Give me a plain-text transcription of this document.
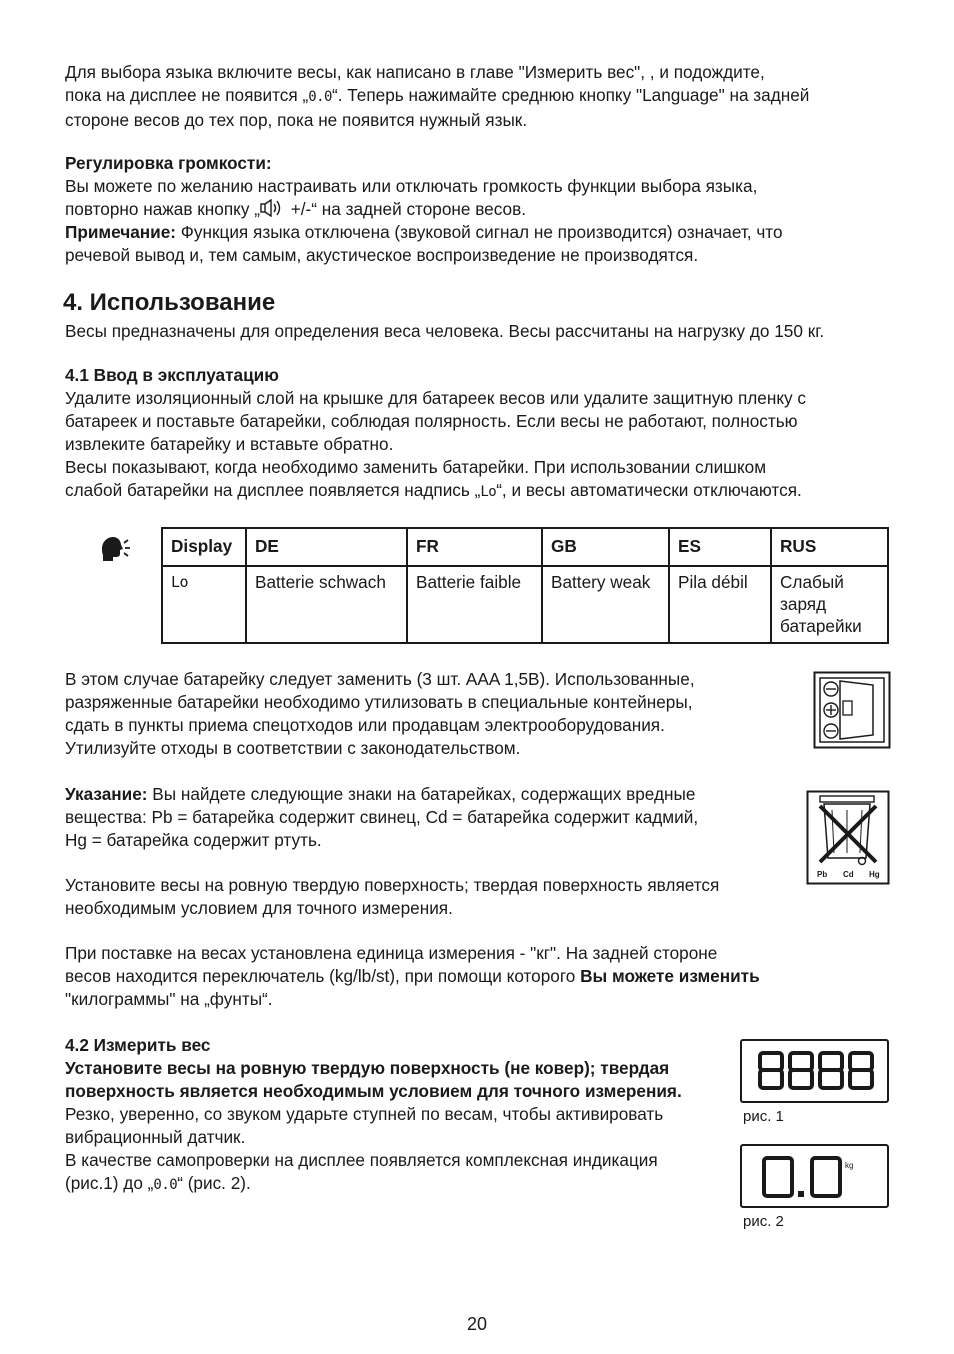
Для выбора языка включите весы, как написано в главе "Измерить вес", , и подождите,
пока на дисплее не появится „0.0“. Теперь нажимайте среднюю кнопку "Language" на задней
стороне весов до тех пор, пока не появится нужный язык.

Регулировка громкости:
Вы можете по желанию настраивать или отключать громкость функции выбора языка,
повторно нажав кнопку „ +/-“ на задней стороне весов.
Примечание: Функция языка отключена (звуковой сигнал не производится) означает, что
речевой вывод и, тем самым, акустическое воспроизведение не производятся.

4. Использование

Весы предназначены для определения веса человека. Весы рассчитаны на нагрузку до 150 кг.

4.1 Ввод в эксплуатацию
Удалите изоляционный слой на крышке для батареек весов или удалите защитную пленку с
батареек и поставьте батарейки, соблюдая полярность. Если весы не работают, полностью
извлеките батарейку и вставьте обратно.
Весы показывают, когда необходимо заменить батарейки. При использовании слишком
слабой батарейки на дисплее появляется надпись „Lo“, и весы автоматически отключаются.

Display	DE	FR	GB	ES	RUS
Lo	Batterie schwach	Batterie faible	Battery weak	Pila débil	Слабый заряд батарейки

В этом случае батарейку следует заменить (3 шт. AAA 1,5В). Использованные,
разряженные батарейки необходимо утилизовать в специальные контейнеры,
сдать в пункты приема спецотходов или продавцам электрооборудования.
Утилизуйте отходы в соответствии с законодательством.

Указание: Вы найдете следующие знаки на батарейках, содержащих вредные
вещества: Pb = батарейка содержит свинец, Cd = батарейка содержит кадмий,
Hg = батарейка содержит ртуть.

Pb Cd Hg

Установите весы на ровную твердую поверхность; твердая поверхность является
необходимым условием для точного измерения.

При поставке на весах установлена единица измерения - "кг". На задней стороне
весов находится переключатель (kg/lb/st), при помощи которого Вы можете изменить
"килограммы" на „фунты“.

4.2 Измерить вес
Установите весы на ровную твердую поверхность (не ковер); твердая
поверхность является необходимым условием для точного измерения.
Резко, уверенно, со звуком ударьте ступней по весам, чтобы активировать
вибрационный датчик.
В качестве самопроверки на дисплее появляется комплексная индикация
(рис.1) до „0.0“ (рис. 2).

рис. 1
kg
рис. 2
20
